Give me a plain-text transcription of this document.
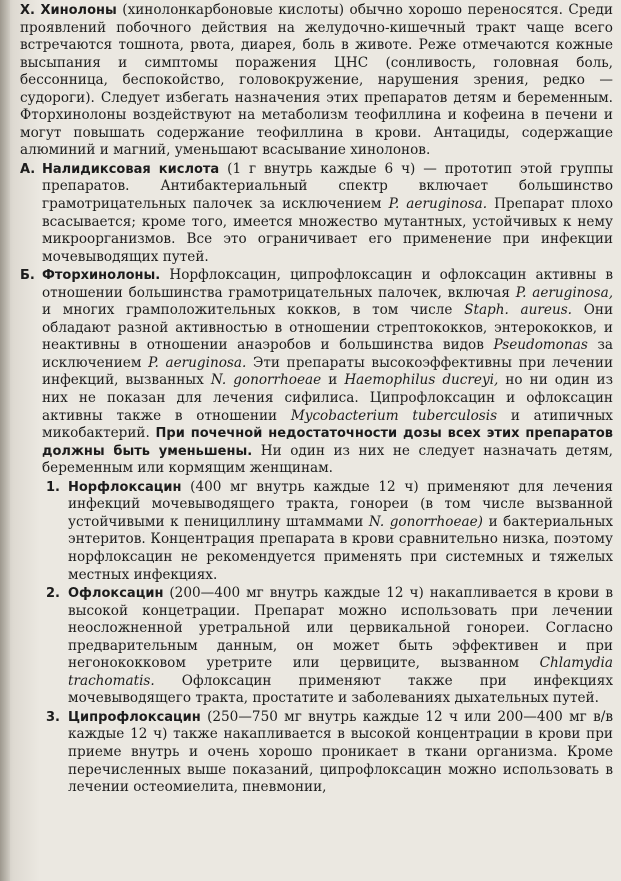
X. Хинолоны (хинолонкарбоновые кислоты) обычно хорошо переносятся. Среди проявлений побочного действия на желудочно-кишечный тракт чаще всего встречаются тошнота, рвота, диарея, боль в животе. Реже отмечаются кожные высыпания и симптомы поражения ЦНС (сонливость, головная боль, бессонница, беспокойство, головокружение, нарушения зрения, редко — судороги). Следует избегать назначения этих препаратов детям и беременным. Фторхинолоны воздействуют на метаболизм теофиллина и кофеина в печени и могут повышать содержание теофиллина в крови. Антациды, содержащие алюминий и магний, уменьшают всасывание хинолонов.

A. Налидиксовая кислота (1 г внутрь каждые 6 ч) — прототип этой группы препаратов. Антибактериальный спектр включает большинство грамотрицательных палочек за исключением P. aeruginosa. Препарат плохо всасывается; кроме того, имеется множество мутантных, устойчивых к нему микроорганизмов. Все это ограничивает его применение при инфекции мочевыводящих путей.

Б. Фторхинолоны. Норфлоксацин, ципрофлоксацин и офлоксацин активны в отношении большинства грамотрицательных палочек, включая P. aeruginosa, и многих грамположительных кокков, в том числе Staph. aureus. Они обладают разной активностью в отношении стрептококков, энтерококков, и неактивны в отношении анаэробов и большинства видов Pseudomonas за исключением P. aeruginosa. Эти препараты высокоэффективны при лечении инфекций, вызванных N. gonorrhoeae и Haemophilus ducreyi, но ни один из них не показан для лечения сифилиса. Ципрофлоксацин и офлоксацин активны также в отношении Mycobacterium tuberculosis и атипичных микобактерий. При почечной недостаточности дозы всех этих препаратов должны быть уменьшены. Ни один из них не следует назначать детям, беременным или кормящим женщинам.

1. Норфлоксацин (400 мг внутрь каждые 12 ч) применяют для лечения инфекций мочевыводящего тракта, гонореи (в том числе вызванной устойчивыми к пенициллину штаммами N. gonorrhoeae) и бактериальных энтеритов. Концентрация препарата в крови сравнительно низка, поэтому норфлоксацин не рекомендуется применять при системных и тяжелых местных инфекциях.

2. Офлоксацин (200—400 мг внутрь каждые 12 ч) накапливается в крови в высокой концетрации. Препарат можно использовать при лечении неосложненной уретральной или цервикальной гонореи. Согласно предварительным данным, он может быть эффективен и при негонококковом уретрите или цервиците, вызванном Chlamydia trachomatis. Офлоксацин применяют также при инфекциях мочевыводящего тракта, простатите и заболеваниях дыхательных путей.

3. Ципрофлоксацин (250—750 мг внутрь каждые 12 ч или 200—400 мг в/в каждые 12 ч) также накапливается в высокой концентрации в крови при приеме внутрь и очень хорошо проникает в ткани организма. Кроме перечисленных выше показаний, ципрофлоксацин можно использовать в лечении остеомиелита, пневмонии,
